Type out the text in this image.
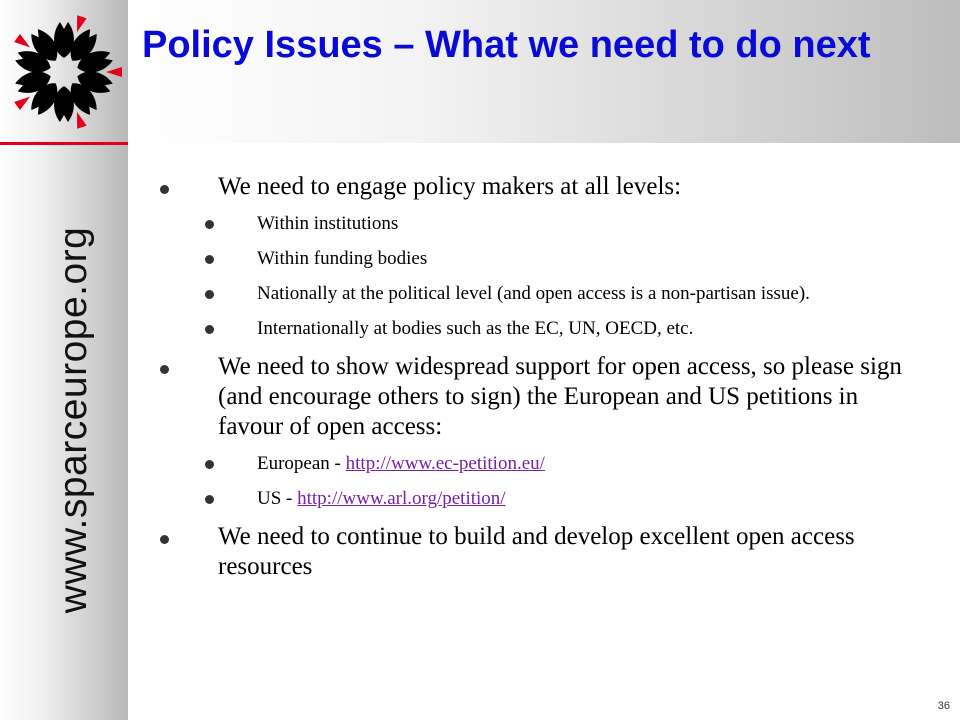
www.sparceurope.org
Policy Issues – What we need to do next
We need to engage policy makers at all levels:
Within institutions
Within funding bodies
Nationally at the political level (and open access is a non-partisan issue).
Internationally at bodies such as the EC, UN, OECD, etc.
We need to show widespread support for open access, so please sign (and encourage others to sign) the European and US petitions in favour of open access:
European - http://www.ec-petition.eu/
US - http://www.arl.org/petition/
We need to continue to build and develop excellent open access resources
36
